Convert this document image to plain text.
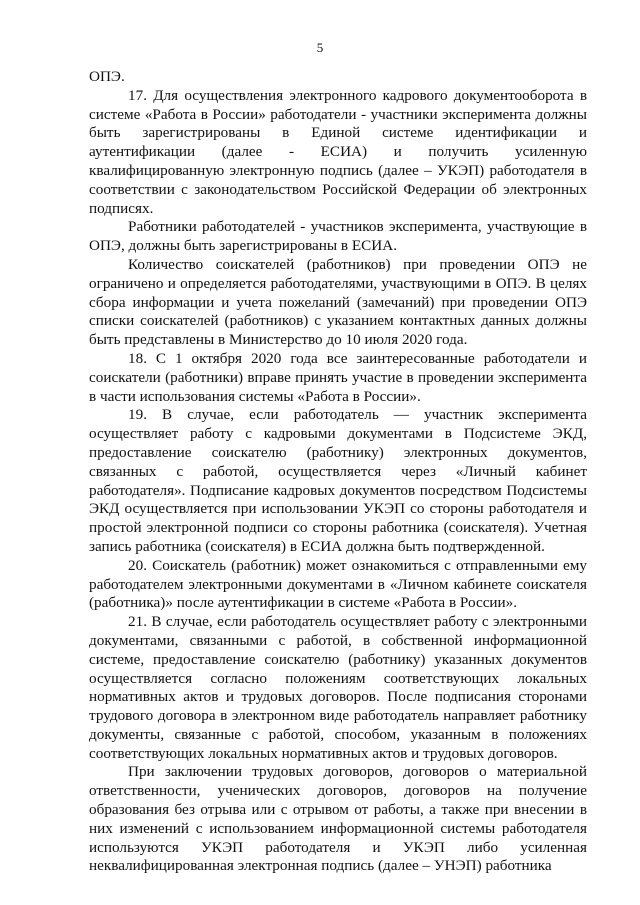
5

ОПЭ.

17. Для осуществления электронного кадрового документооборота в системе «Работа в России» работодатели - участники эксперимента должны быть зарегистрированы в Единой системе идентификации и аутентификации (далее - ЕСИА) и получить усиленную квалифицированную электронную подпись (далее – УКЭП) работодателя в соответствии с законодательством Российской Федерации об электронных подписях.

Работники работодателей - участников эксперимента, участвующие в ОПЭ, должны быть зарегистрированы в ЕСИА.

Количество соискателей (работников) при проведении ОПЭ не ограничено и определяется работодателями, участвующими в ОПЭ. В целях сбора информации и учета пожеланий (замечаний) при проведении ОПЭ списки соискателей (работников) с указанием контактных данных должны быть представлены в Министерство до 10 июля 2020 года.

18. С 1 октября 2020 года все заинтересованные работодатели и соискатели (работники) вправе принять участие в проведении эксперимента в части использования системы «Работа в России».

19. В случае, если работодатель — участник эксперимента осуществляет работу с кадровыми документами в Подсистеме ЭКД, предоставление соискателю (работнику) электронных документов, связанных с работой, осуществляется через «Личный кабинет работодателя». Подписание кадровых документов посредством Подсистемы ЭКД осуществляется при использовании УКЭП со стороны работодателя и простой электронной подписи со стороны работника (соискателя). Учетная запись работника (соискателя) в ЕСИА должна быть подтвержденной.

20. Соискатель (работник) может ознакомиться с отправленными ему работодателем электронными документами в «Личном кабинете соискателя (работника)» после аутентификации в системе «Работа в России».

21. В случае, если работодатель осуществляет работу с электронными документами, связанными с работой, в собственной информационной системе, предоставление соискателю (работнику) указанных документов осуществляется согласно положениям соответствующих локальных нормативных актов и трудовых договоров. После подписания сторонами трудового договора в электронном виде работодатель направляет работнику документы, связанные с работой, способом, указанным в положениях соответствующих локальных нормативных актов и трудовых договоров.

При заключении трудовых договоров, договоров о материальной ответственности, ученических договоров, договоров на получение образования без отрыва или с отрывом от работы, а также при внесении в них изменений с использованием информационной системы работодателя используются УКЭП работодателя и УКЭП либо усиленная неквалифицированная электронная подпись (далее – УНЭП) работника
